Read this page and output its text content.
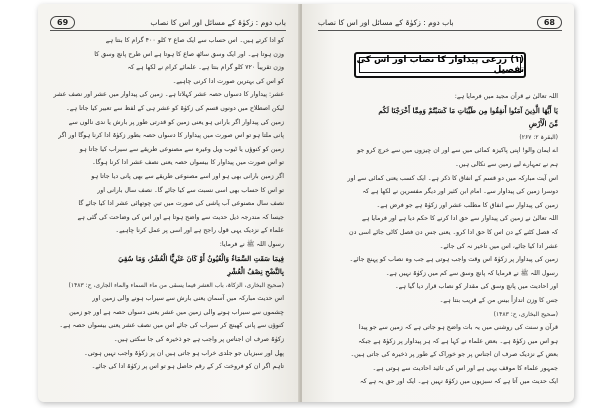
69	باب دوم : زکوٰۃ کے مسائل اور اس کا نصاب
کو ادا کرتے ہیں۔ اس حساب سے ایک صاع ۲ کلو ۴۰۰ گرام کا بنتا ہے
وزن ہوتا ہے۔ اور ایک وسق ساٹھ صاع کا ہوتا ہے اس طرح پانچ وسق کا
وزن تقریباً ۷۲۰ کلو گرام بنتا ہے۔ علمائے کرام نے لکھا ہے کہ
کو اس کی بہترین صورت ادا کرنی چاہیے۔
عشر: پیداوار کا دسواں حصہ عشر کہلاتا ہے۔ زمین کی پیداوار میں عشر اور نصف عشر
لیکن اصطلاح میں دونوں قسم کی زکوٰۃ کو عشر ہی کے لفظ سے تعبیر کیا جاتا ہے۔
زمین کی پیداوار اگر بارانی ہو یعنی زمین کو قدرتی طور پر بارش یا ندی نالوں سے
پانی ملتا ہو تو اس صورت میں پیداوار کا دسواں حصہ بطور زکوٰۃ ادا کرنا ہوگا اور اگر
زمین کو کنوؤں یا ٹیوب ویل وغیرہ سے مصنوعی طریقے سے سیراب کیا جاتا ہو
تو اس صورت میں پیداوار کا بیسواں حصہ یعنی نصف عشر ادا کرنا ہوگا۔
اگر زمین بارانی بھی ہو اور اسے مصنوعی طریقے سے بھی پانی دیا جاتا ہو
تو اس کا حساب بھی اسی نسبت سے کیا جائے گا۔ نصف سال بارانی اور
نصف سال مصنوعی آب پاشی کی صورت میں تین چوتھائی عشر ادا کیا جائے گا
جیسا کہ مندرجہ ذیل حدیث سے واضح ہوتا ہے اور اس کی وضاحت کی گئی ہے
علماء کے نزدیک یہی قول راجح ہے اور اسی پر عمل کرنا چاہیے۔
رسول اللہ ﷺ نے فرمایا:
فِيمَا سَقَتِ السَّمَاءُ وَالْعُيُونُ أَوْ كَانَ عَثَرِيًّا الْعُشْرُ، وَمَا سُقِيَ
بِالنَّضْحِ نِصْفُ الْعُشْرِ
(صحیح البخاری، الزکاۃ، باب العشر فیما یسقی من ماء السماء والماء الجاری، ح: ۱۴۸۳)
اس حدیث مبارکہ میں آسمان یعنی بارش سے سیراب ہونے والی زمین اور
چشموں سے سیراب ہونے والی زمین میں عشر یعنی دسواں حصہ ہے اور جو زمین
کنوؤں سے پانی کھینچ کر سیراب کی جائے اس میں نصف عشر یعنی بیسواں حصہ ہے۔
زکوٰۃ صرف ان اجناس پر واجب ہے جو ذخیرہ کی جا سکتی ہیں۔
پھل اور سبزیاں جو جلدی خراب ہو جاتی ہیں ان پر زکوٰۃ واجب نہیں ہوتی۔
تاہم اگر ان کو فروخت کر کے رقم حاصل ہو تو اس پر زکوٰۃ ادا کی جائے۔
باب دوم : زکوٰۃ کے مسائل اور اس کا نصاب	68
(۱) زرعی پیداوار کا نصاب اور اس کی تفصیل
اللہ تعالیٰ نے قرآن مجید میں فرمایا ہے:
يَا أَيُّهَا الَّذِينَ آمَنُوا أَنفِقُوا مِن طَيِّبَاتِ مَا كَسَبْتُمْ وَمِمَّا أَخْرَجْنَا لَكُم
مِّنَ الْأَرْضِ
(البقرۃ ۲: ۲۶۷)
اے ایمان والو! اپنی پاکیزہ کمائی میں سے اور ان چیزوں میں سے خرچ کرو جو
ہم نے تمہارے لیے زمین سے نکالی ہیں۔
اس آیت مبارکہ میں دو قسم کے انفاق کا ذکر ہے۔ ایک کسب یعنی کمائی سے اور
دوسرا زمین کی پیداوار سے۔ امام ابن کثیر اور دیگر مفسرین نے لکھا ہے کہ
زمین کی پیداوار سے انفاق کا مطلب عشر اور زکوٰۃ ہے جو فرض ہے۔
اللہ تعالیٰ نے زمین کی پیداوار سے حق ادا کرنے کا حکم دیا ہے اور فرمایا ہے
کہ فصل کٹنے کے دن اس کا حق ادا کرو۔ یعنی جس دن فصل کاٹی جائے اسی دن
عشر ادا کیا جائے، اس میں تاخیر نہ کی جائے۔
زمین کی پیداوار پر زکوٰۃ اس وقت واجب ہوتی ہے جب وہ نصاب کو پہنچ جائے۔
رسول اللہ ﷺ نے فرمایا کہ پانچ وسق سے کم میں زکوٰۃ نہیں ہے۔
اور احادیث میں پانچ وسق کی مقدار کو نصاب قرار دیا گیا ہے۔
جس کا وزن اندازاً بیس من کے قریب بنتا ہے۔
(صحیح البخاری، ح: ۱۴۸۳)
قرآن و سنت کی روشنی میں یہ بات واضح ہو جاتی ہے کہ زمین سے جو پیدا
ہو اس میں زکوٰۃ ہے۔ بعض علماء نے کہا ہے کہ ہر پیداوار پر زکوٰۃ ہے جبکہ
بعض کے نزدیک صرف ان اجناس پر جو خوراک کے طور پر ذخیرہ کی جاتی ہیں۔
جمہور علماء کا موقف یہی ہے اور اس کی تائید احادیث سے ہوتی ہے۔
ایک حدیث میں آتا ہے کہ سبزیوں میں زکوٰۃ نہیں ہے۔ ایک اور حق یہ ہے کہ
